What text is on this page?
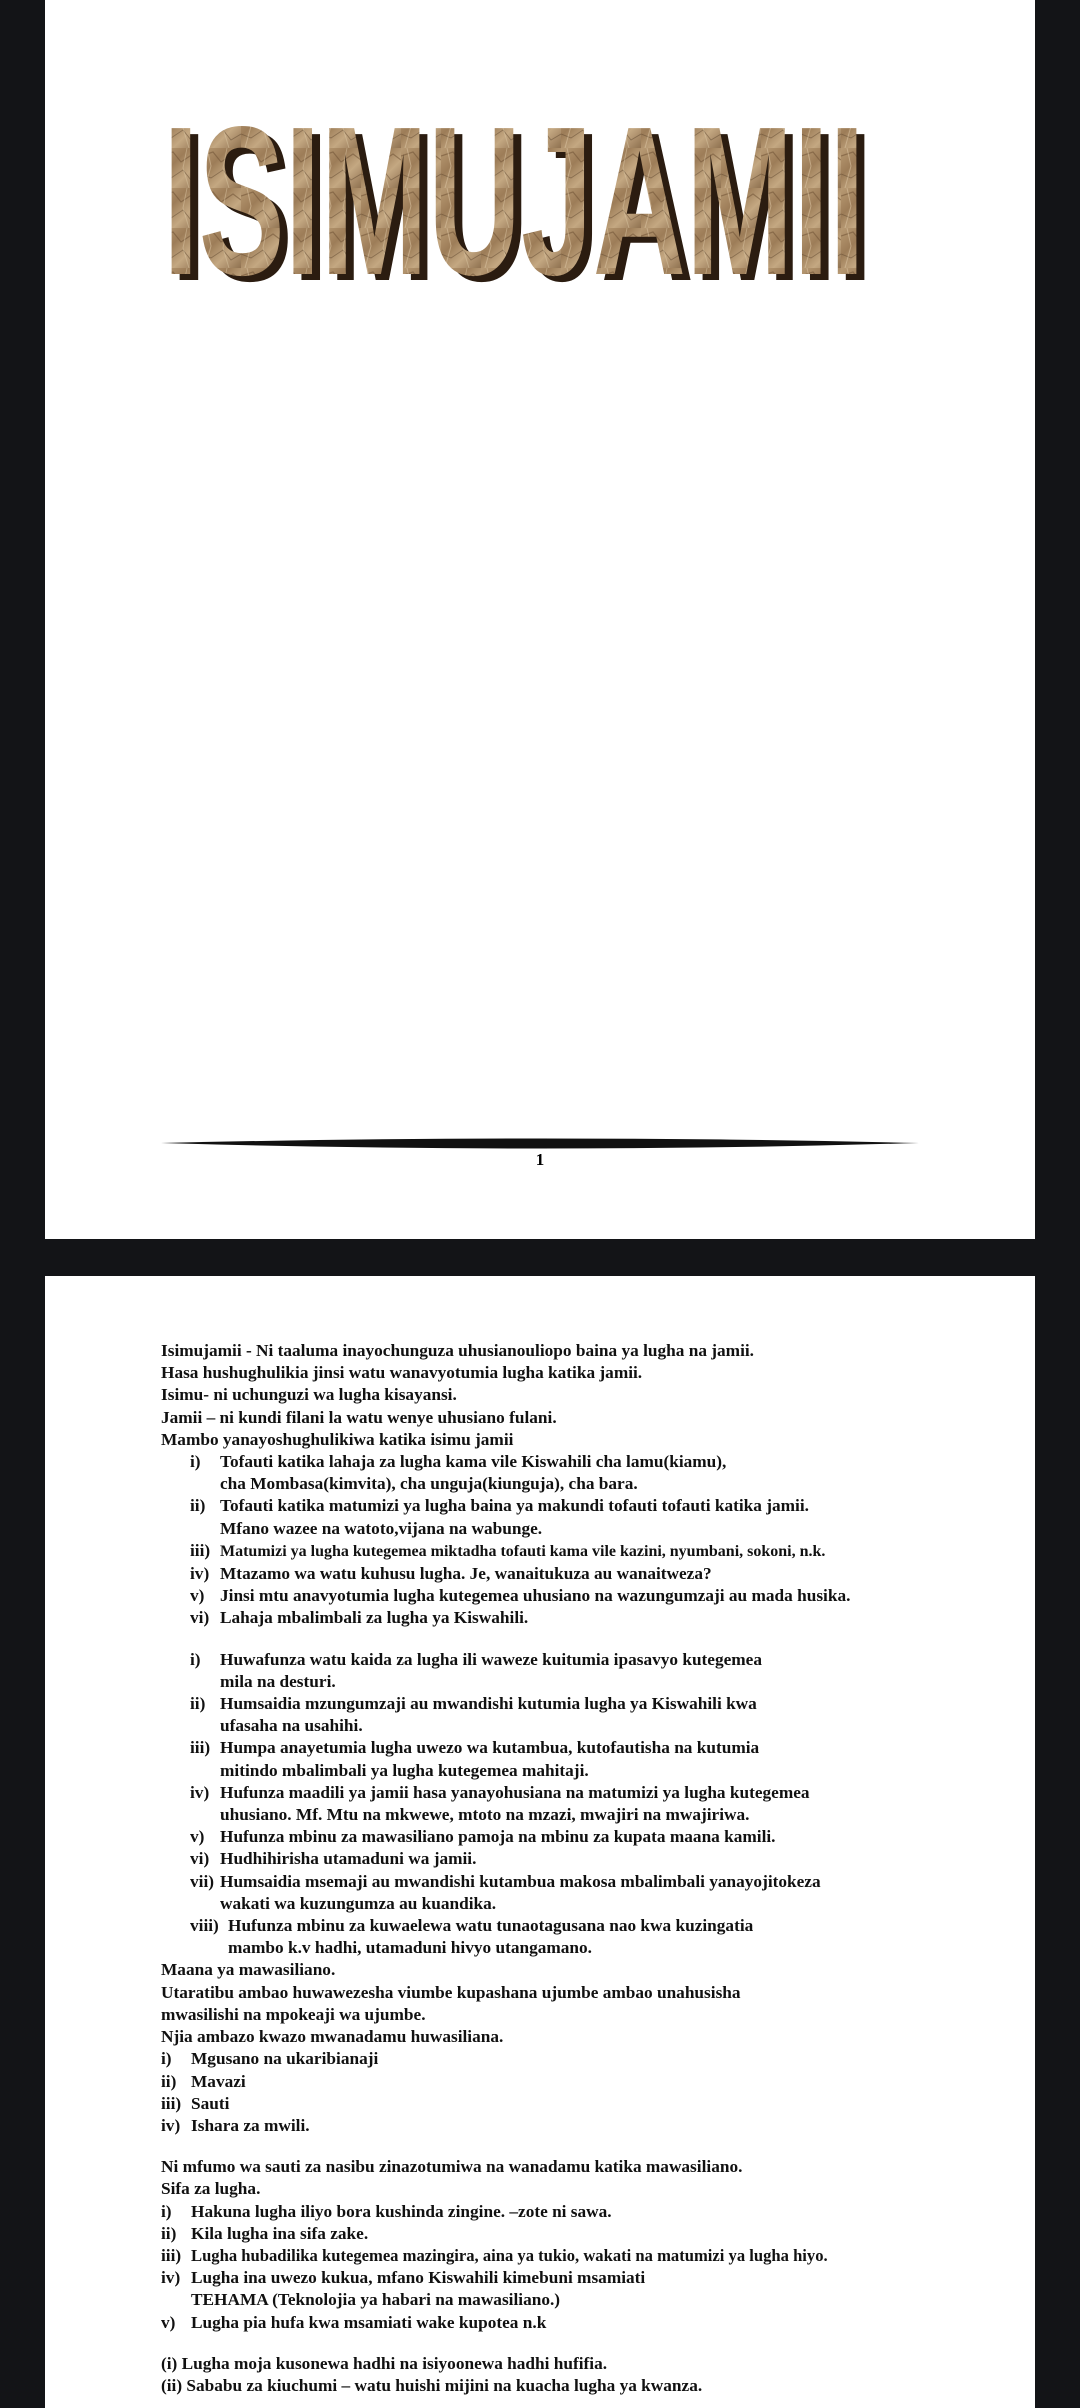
ISIMUJAMII
ISIMUJAMII
1

Isimujamii - Ni taaluma inayochunguza uhusianouliopo baina ya lugha na jamii.

Hasa hushughulikia jinsi watu wanavyotumia lugha katika jamii.

Isimu- ni uchunguzi wa lugha kisayansi.

Jamii – ni kundi filani la watu wenye uhusiano fulani.

Mambo yanayoshughulikiwa katika isimu jamii

i) Tofauti katika lahaja za lugha kama vile Kiswahili cha lamu(kiamu),
cha Mombasa(kimvita), cha unguja(kiunguja), cha bara.
ii) Tofauti katika matumizi ya lugha baina ya makundi tofauti tofauti katika jamii.
Mfano wazee na watoto,vijana na wabunge.
iii) Matumizi ya lugha kutegemea miktadha tofauti kama vile kazini, nyumbani, sokoni, n.k.
iv) Mtazamo wa watu kuhusu lugha. Je, wanaitukuza au wanaitweza?
v) Jinsi mtu anavyotumia lugha kutegemea uhusiano na wazungumzaji au mada husika.
vi) Lahaja mbalimbali za lugha ya Kiswahili.
i) Huwafunza watu kaida za lugha ili waweze kuitumia ipasavyo kutegemea
mila na desturi.
ii) Humsaidia mzungumzaji au mwandishi kutumia lugha ya Kiswahili kwa
ufasaha na usahihi.
iii) Humpa anayetumia lugha uwezo wa kutambua, kutofautisha na kutumia
mitindo mbalimbali ya lugha kutegemea mahitaji.
iv) Hufunza maadili ya jamii hasa yanayohusiana na matumizi ya lugha kutegemea
uhusiano. Mf. Mtu na mkwewe, mtoto na mzazi, mwajiri na mwajiriwa.
v) Hufunza mbinu za mawasiliano pamoja na mbinu za kupata maana kamili.
vi) Hudhihirisha utamaduni wa jamii.
vii) Humsaidia msemaji au mwandishi kutambua makosa mbalimbali yanayojitokeza
wakati wa kuzungumza au kuandika.
viii) Hufunza mbinu za kuwaelewa watu tunaotagusana nao kwa kuzingatia
mambo k.v hadhi, utamaduni hivyo utangamano.

Maana ya mawasiliano.

Utaratibu ambao huwawezesha viumbe kupashana ujumbe ambao unahusisha

mwasilishi na mpokeaji wa ujumbe.

Njia ambazo kwazo mwanadamu huwasiliana.

i) Mgusano na ukaribianaji
ii) Mavazi
iii) Sauti
iv) Ishara za mwili.

Ni mfumo wa sauti za nasibu zinazotumiwa na wanadamu katika mawasiliano.

Sifa za lugha.

i) Hakuna lugha iliyo bora kushinda zingine. –zote ni sawa.
ii) Kila lugha ina sifa zake.
iii) Lugha hubadilika kutegemea mazingira, aina ya tukio, wakati na matumizi ya lugha hiyo.
iv) Lugha ina uwezo kukua, mfano Kiswahili kimebuni msamiati
TEHAMA (Teknolojia ya habari na mawasiliano.)
v) Lugha pia hufa kwa msamiati wake kupotea n.k

(i) Lugha moja kusonewa hadhi na isiyoonewa hadhi hufifia.

(ii) Sababu za kiuchumi – watu huishi mijini na kuacha lugha ya kwanza.
